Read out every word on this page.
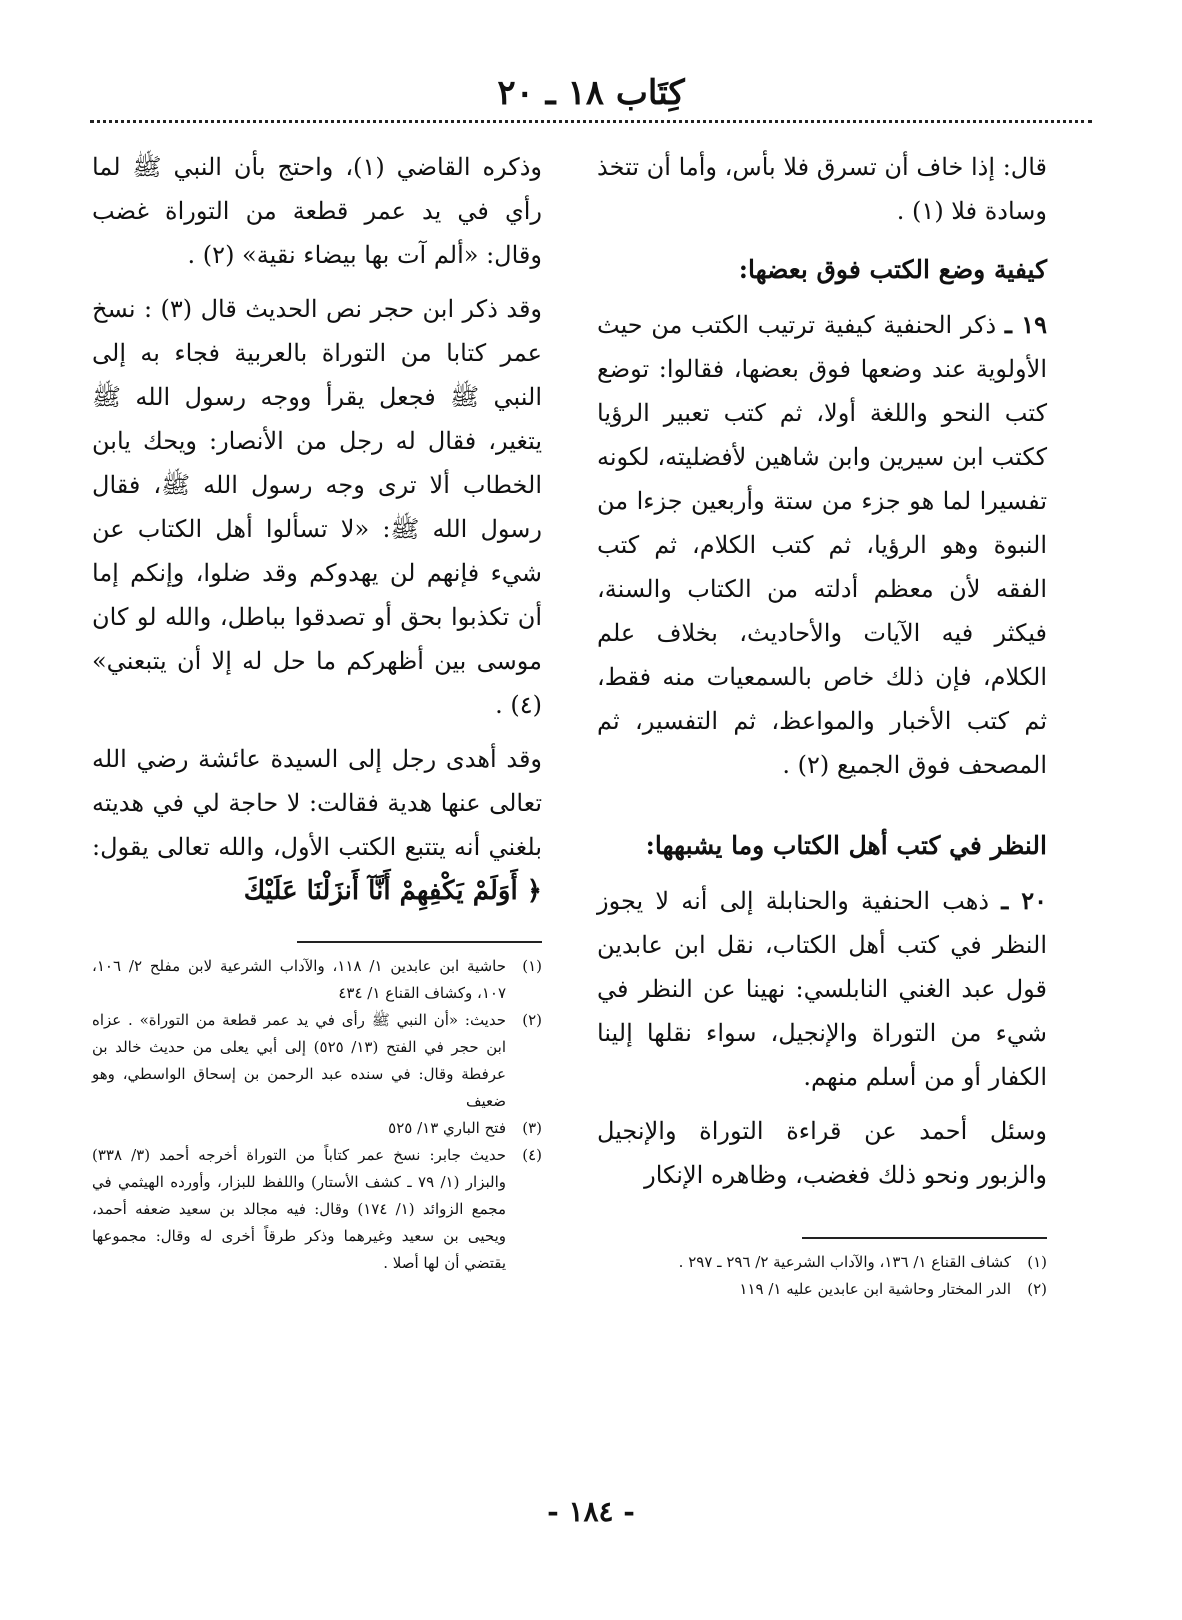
كِتَاب ١٨ ـ ٢٠

قال: إذا خاف أن تسرق فلا بأس، وأما أن تتخذ وسادة فلا (١) .

كيفية وضع الكتب فوق بعضها:

١٩ ـ ذكر الحنفية كيفية ترتيب الكتب من حيث الأولوية عند وضعها فوق بعضها، فقالوا: توضع كتب النحو واللغة أولا، ثم كتب تعبير الرؤيا ككتب ابن سيرين وابن شاهين لأفضليته، لكونه تفسيرا لما هو جزء من ستة وأربعين جزءا من النبوة وهو الرؤيا، ثم كتب الكلام، ثم كتب الفقه لأن معظم أدلته من الكتاب والسنة، فيكثر فيه الآيات والأحاديث، بخلاف علم الكلام، فإن ذلك خاص بالسمعيات منه فقط، ثم كتب الأخبار والمواعظ، ثم التفسير، ثم المصحف فوق الجميع (٢) .

النظر في كتب أهل الكتاب وما يشبهها:

٢٠ ـ ذهب الحنفية والحنابلة إلى أنه لا يجوز النظر في كتب أهل الكتاب، نقل ابن عابدين قول عبد الغني النابلسي: نهينا عن النظر في شيء من التوراة والإنجيل، سواء نقلها إلينا الكفار أو من أسلم منهم.

وسئل أحمد عن قراءة التوراة والإنجيل والزبور ونحو ذلك فغضب، وظاهره الإنكار

(١)
كشاف القناع ١/ ١٣٦، والآداب الشرعية ٢/ ٢٩٦ ـ ٢٩٧ .

(٢)
الدر المختار وحاشية ابن عابدين عليه ١/ ١١٩

وذكره القاضي (١)، واحتج بأن النبي ﷺ لما رأي في يد عمر قطعة من التوراة غضب وقال: «ألم آت بها بيضاء نقية» (٢) .

وقد ذكر ابن حجر نص الحديث قال (٣) : نسخ عمر كتابا من التوراة بالعربية فجاء به إلى النبي ﷺ فجعل يقرأ ووجه رسول الله ﷺ يتغير، فقال له رجل من الأنصار: ويحك يابن الخطاب ألا ترى وجه رسول الله ﷺ، فقال رسول الله ﷺ: «لا تسألوا أهل الكتاب عن شيء فإنهم لن يهدوكم وقد ضلوا، وإنكم إما أن تكذبوا بحق أو تصدقوا بباطل، والله لو كان موسى بين أظهركم ما حل له إلا أن يتبعني» (٤) .

وقد أهدى رجل إلى السيدة عائشة رضي الله تعالى عنها هدية فقالت: لا حاجة لي في هديته بلغني أنه يتتبع الكتب الأول، والله تعالى يقول: ﴿ أَوَلَمْ يَكْفِهِمْ أَنَّآ أَنزَلْنَا عَلَيْكَ

(١)
حاشية ابن عابدين ١/ ١١٨، والآداب الشرعية لابن مفلح ٢/ ١٠٦، ١٠٧، وكشاف القناع ١/ ٤٣٤

(٢)
حديث: «أن النبي ﷺ رأى في يد عمر قطعة من التوراة» . عزاه ابن حجر في الفتح (١٣/ ٥٢٥) إلى أبي يعلى من حديث خالد بن عرفطة وقال: في سنده عبد الرحمن بن إسحاق الواسطي، وهو ضعيف

(٣)
فتح الباري ١٣/ ٥٢٥

(٤)
حديث جابر: نسخ عمر كتاباً من التوراة أخرجه أحمد (٣/ ٣٣٨) والبزار (١/ ٧٩ ـ كشف الأستار) واللفظ للبزار، وأورده الهيثمي في مجمع الزوائد (١/ ١٧٤) وقال: فيه مجالد بن سعيد ضعفه أحمد، ويحيى بن سعيد وغيرهما وذكر طرقاً أخرى له وقال: مجموعها يقتضي أن لها أصلا .

- ١٨٤ -
